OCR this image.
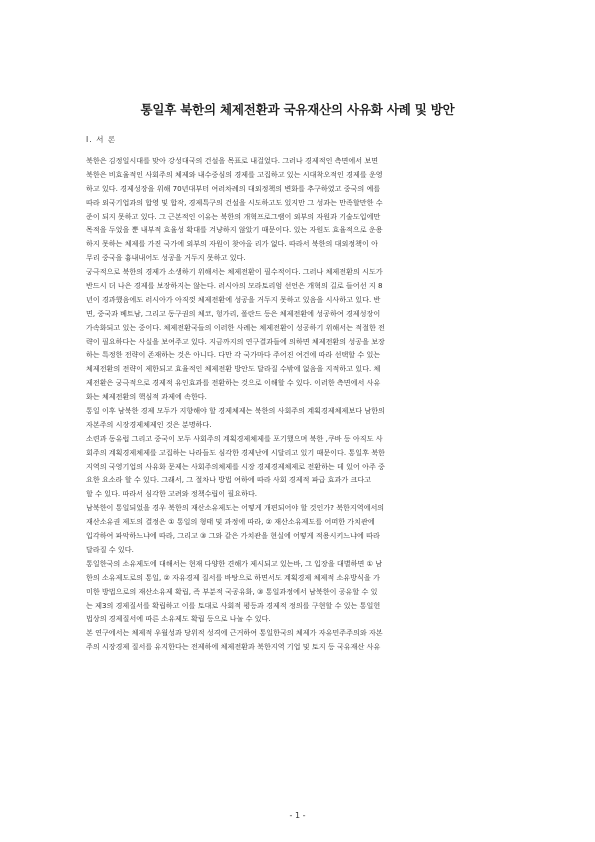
통일후 북한의 체제전환과 국유재산의 사유화 사례 및 방안
Ⅰ. 서 론
북한은 김정일시대를 맞아 강성대국의 건설을 목표로 내걸었다. 그러나 경제적인 측면에서 보면
북한은 비효율적인 사회주의 체제와 내수중심의 경제를 고집하고 있는 시대착오적인 경제를 운영
하고 있다. 경제성장을 위해 70년대부터 여러차례의 대외정책의 변화를 추구하였고 중국의 예를
따라 외국기업과의 합영 및 합작, 경제특구의 건설을 시도하고도 있지만 그 성과는 만족할만한 수
준이 되지 못하고 있다. 그 근본적인 이유는 북한의 개혁프로그램이 외부의 자원과 기술도입에만
목적을 두었을 뿐 내부적 효율성 확대를 겨냥하지 않았기 때문이다. 있는 자원도 효율적으로 운용
하지 못하는 체제를 가진 국가에 외부의 자원이 찾아올 리가 없다. 따라서 북한의 대외정책이 아
무리 중국을 흉내내어도 성공을 거두지 못하고 있다.
궁극적으로 북한의 경제가 소생하기 위해서는 체제전환이 필수적이다. 그러나 체제전환의 시도가
반드시 더 나은 경제를 보장하지는 않는다. 러시아의 모라토리엄 선언은 개혁의 길로 들어선 지 8
년이 경과했음에도 러시아가 아직껏 체제전환에 성공을 거두지 못하고 있음을 시사하고 있다. 반
면, 중국과 베트남, 그리고 동구권의 체코, 헝가리, 폴란드 등은 체제전환에 성공하여 경제성장이
가속화되고 있는 중이다. 체제전환국들의 이러한 사례는 체제전환이 성공하기 위해서는 적절한 전
략이 필요하다는 사실을 보여주고 있다. 지금까지의 연구결과들에 의하면 체제전환의 성공을 보장
하는 특정한 전략이 존재하는 것은 아니다. 다만 각 국가마다 주어진 여건에 따라 선택할 수 있는
체제전환의 전략이 제한되고 효율적인 체제전환 방안도 달라질 수밖에 없음을 지적하고 있다. 체
제전환은 궁극적으로 경제적 유인효과를 전환하는 것으로 이해할 수 있다. 이러한 측면에서 사유
화는 체제전환의 핵심적 과제에 속한다.
통일 이후 남북한 경제 모두가 지향해야 할 경제체제는 북한의 사회주의 계획경제체제보다 남한의
자본주의 시장경제체제인 것은 분명하다.
소련과 동유럽 그리고 중국이 모두 사회주의 계획경제체제를 포기했으며 북한 ,쿠바 등 아직도 사
회주의 계획경제체제를 고집하는 나라들도 심각한 경제난에 시달리고 있기 때문이다. 통일후 북한
지역의 국영기업의 사유화 문제는 사회주의체제를 시장 경제경제체제로 전환하는 데 있어 아주 중
요한 요소라 할 수 있다. 그래서, 그 절차나 방법 여하에 따라 사회 경제적 파급 효과가 크다고
할 수 있다. 따라서 심각한 고려와 정책수립이 필요하다.
남북한이 통일되었을 경우 북한의 재산소유제도는 어떻게 개편되어야 할 것인가? 북한지역에서의
재산소유권 제도의 결정은 ① 통일의 형태 및 과정에 따라, ② 재산소유제도를 어떠한 가치관에
입각하여 파악하느냐에 따라, 그리고 ③ 그와 같은 가치관을 현실에 어떻게 적용시키느냐에 따라
달라질 수 있다.
통일한국의 소유제도에 대해서는 현재 다양한 견해가 제시되고 있는바, 그 입장을 대별하면 ① 남
한의 소유제도로의 통일, ② 자유경제 질서를 바탕으로 하면서도 계획경제 체제적 소유방식을 가
미한 방법으로의 재산소유제 확립, 즉 부분적 국공유화, ③ 통일과정에서 남북한이 공유할 수 있
는 제3의 경제질서를 확립하고 이를 토대로 사회적 평등과 경제적 정의를 구현할 수 있는 통일헌
법상의 경제질서에 따른 소유제도 확립 등으로 나눌 수 있다.
본 연구에서는 체제적 우월성과 당위적 성격에 근거하여 통일한국의 체제가 자유민주주의와 자본
주의 시장경제 질서를 유지한다는 전제하에 체제전환과 북한지역 기업 및 토지 등 국유재산 사유
- 1 -
